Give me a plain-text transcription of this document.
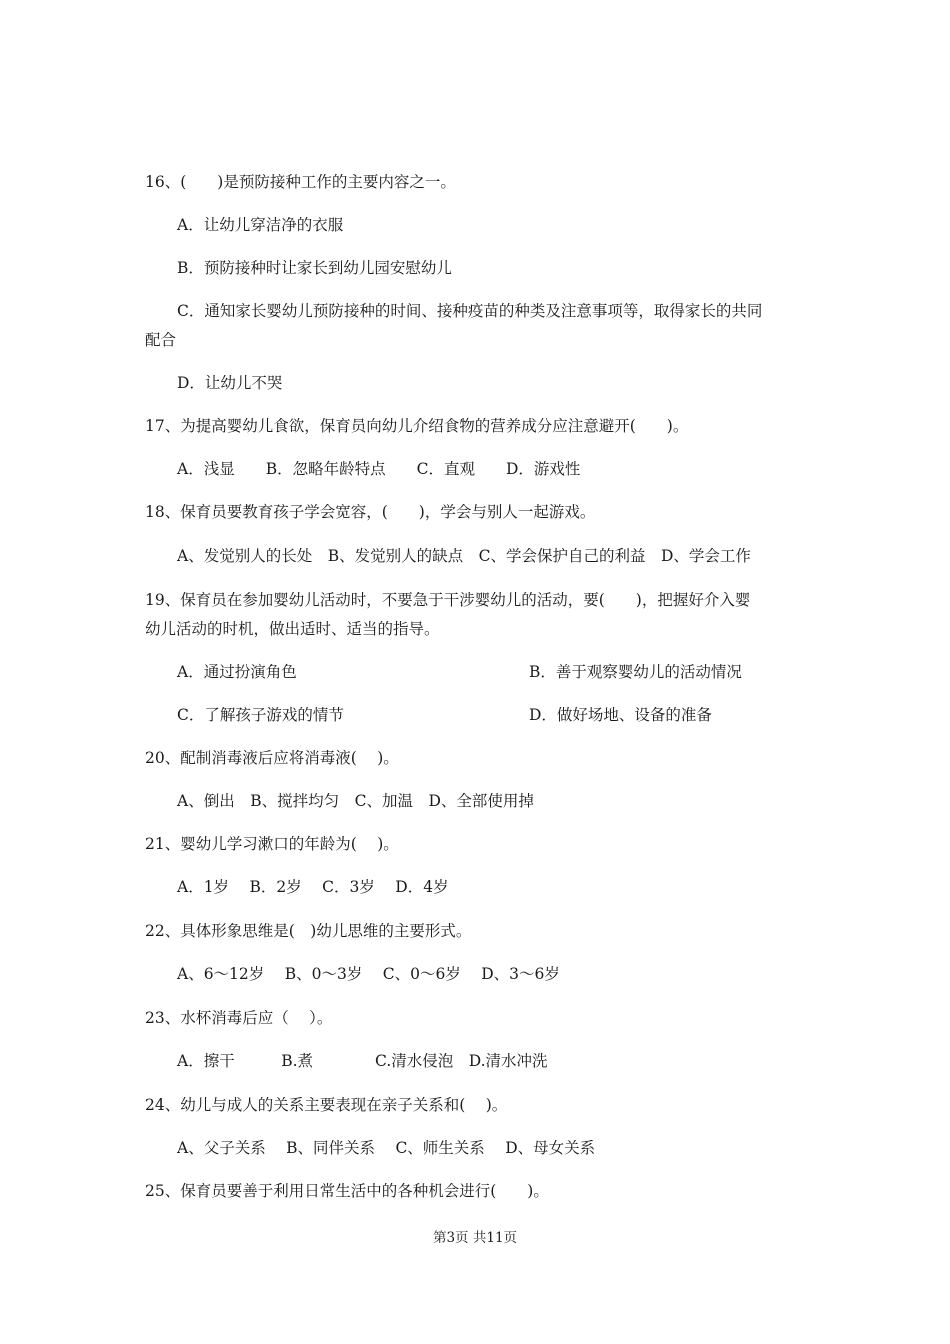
16、(　　)是预防接种工作的主要内容之一。
A．让幼儿穿洁净的衣服
B．预防接种时让家长到幼儿园安慰幼儿
C．通知家长婴幼儿预防接种的时间、接种疫苗的种类及注意事项等，取得家长的共同
配合
D．让幼儿不哭
17、为提高婴幼儿食欲，保育员向幼儿介绍食物的营养成分应注意避开(　　)。
A．浅显　　B．忽略年龄特点　　C．直观　　D．游戏性
18、保育员要教育孩子学会宽容，(　　)，学会与别人一起游戏。
A、发觉别人的长处　B、发觉别人的缺点　C、学会保护自己的利益　D、学会工作
19、保育员在参加婴幼儿活动时，不要急于干涉婴幼儿的活动，要(　　)，把握好介入婴
幼儿活动的时机，做出适时、适当的指导。
A．通过扮演角色	B．善于观察婴幼儿的活动情况
C．了解孩子游戏的情节	D．做好场地、设备的准备
20、配制消毒液后应将消毒液(　 )。
A、倒出　B、搅拌均匀　C、加温　D、全部使用掉
21、婴幼儿学习漱口的年龄为(　 )。
A．1岁　 B．2岁　 C．3岁　 D．4岁
22、具体形象思维是(　)幼儿思维的主要形式。
A、6～12岁　 B、0～3岁　 C、0～6岁　 D、3～6岁
23、水杯消毒后应（　 ）。
A．擦干　　　B.煮　　　　C.清水侵泡　D.清水冲洗
24、幼儿与成人的关系主要表现在亲子关系和(　 )。
A、父子关系　 B、同伴关系　 C、师生关系　 D、母女关系
25、保育员要善于利用日常生活中的各种机会进行(　　)。
第3页 共11页
